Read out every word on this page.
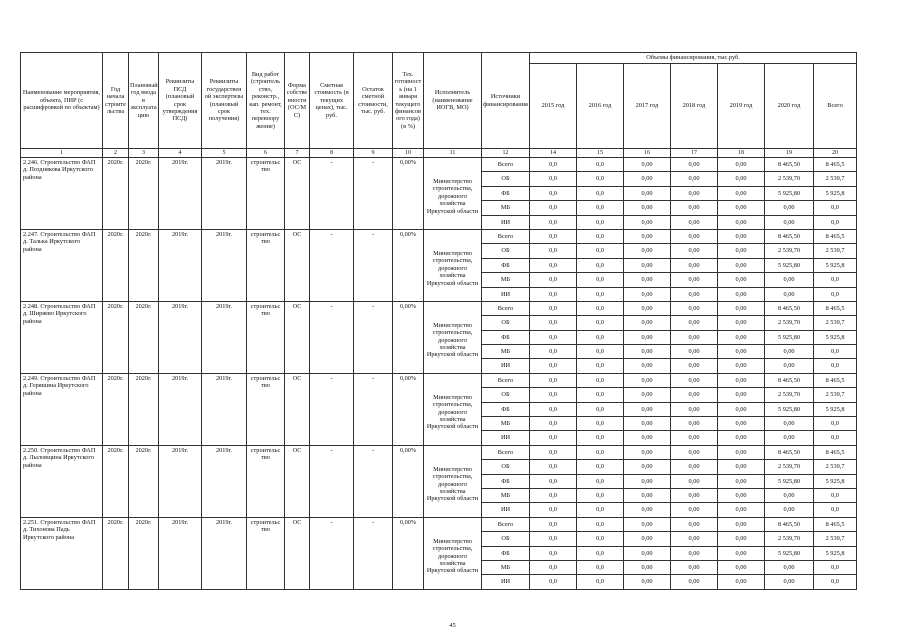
Наименование мероприятия, объекта, ПИР (с расшифровкой по объектам)	Год начала строите льства	Плановый год ввода в эксплуата цию	Реквизиты ПСД (плановый срок утверждения ПСД)	Реквизиты государствен ой экспертизы (плановый срок получения)	Вид работ (строитель ство, реконстр., кап. ремонт, тех. перевоору жение)	Форма собстве нности (ОС/М С)	Сметная стоимость (в текущих ценах), тыс. руб.	Остаток сметной стоимости, тыс. руб.	Тех. готовност ь (на 1 января текущего финансов ого года) (в %)	Исполнитель (наименование ИОГВ, МО)	Источники финансирования	Объемы финансирования, тыс.руб.						
												2015 год	2016 год	2017 год	2018 год	2019 год	2020 год	Всего
1	2	3	4	5	6	7	8	9	10	11	12	14	15	16	17	18	19	20
2.246. Строительство ФАП д. Позднякова Иркутского района	2020г.	2020г.	2019г.	2019г.	строительс тво	ОС	-	-	0,00%	Министерство строительства, дорожного хозяйства Иркутской области	Всего	0,0	0,0	0,00	0,00	0,00	8 465,50	8 465,5
											ОБ	0,0	0,0	0,00	0,00	0,00	2 539,70	2 539,7
											ФБ	0,0	0,0	0,00	0,00	0,00	5 925,80	5 925,8
											МБ	0,0	0,0	0,00	0,00	0,00	0,00	0,0
											ИИ	0,0	0,0	0,00	0,00	0,00	0,00	0,0
2.247. Строительство ФАП д. Талька Иркутского района	2020г.	2020г.	2019г.	2019г.	строительс тво	ОС	-	-	0,00%	Министерство строительства, дорожного хозяйства Иркутской области	Всего	0,0	0,0	0,00	0,00	0,00	8 465,50	8 465,5
											ОБ	0,0	0,0	0,00	0,00	0,00	2 539,70	2 539,7
											ФБ	0,0	0,0	0,00	0,00	0,00	5 925,80	5 925,8
											МБ	0,0	0,0	0,00	0,00	0,00	0,00	0,0
											ИИ	0,0	0,0	0,00	0,00	0,00	0,00	0,0
2.248. Строительство ФАП д. Ширяево Иркутского района	2020г.	2020г.	2019г.	2019г.	строительс тво	ОС	-	-	0,00%	Министерство строительства, дорожного хозяйства Иркутской области	Всего	0,0	0,0	0,00	0,00	0,00	8 465,50	8 465,5
											ОБ	0,0	0,0	0,00	0,00	0,00	2 539,70	2 539,7
											ФБ	0,0	0,0	0,00	0,00	0,00	5 925,80	5 925,8
											МБ	0,0	0,0	0,00	0,00	0,00	0,00	0,0
											ИИ	0,0	0,0	0,00	0,00	0,00	0,00	0,0
2.249. Строительство ФАП д. Горяшина Иркутского района	2020г.	2020г.	2019г.	2019г.	строительс тво	ОС	-	-	0,00%	Министерство строительства, дорожного хозяйства Иркутской области	Всего	0,0	0,0	0,00	0,00	0,00	8 465,50	8 465,5
											ОБ	0,0	0,0	0,00	0,00	0,00	2 539,70	2 539,7
											ФБ	0,0	0,0	0,00	0,00	0,00	5 925,80	5 925,8
											МБ	0,0	0,0	0,00	0,00	0,00	0,00	0,0
											ИИ	0,0	0,0	0,00	0,00	0,00	0,00	0,0
2.250. Строительство ФАП д. Лыловщина Иркутского района	2020г.	2020г.	2019г.	2019г.	строительс тво	ОС	-	-	0,00%	Министерство строительства, дорожного хозяйства Иркутской области	Всего	0,0	0,0	0,00	0,00	0,00	8 465,50	8 465,5
											ОБ	0,0	0,0	0,00	0,00	0,00	2 539,70	2 539,7
											ФБ	0,0	0,0	0,00	0,00	0,00	5 925,80	5 925,8
											МБ	0,0	0,0	0,00	0,00	0,00	0,00	0,0
											ИИ	0,0	0,0	0,00	0,00	0,00	0,00	0,0
2.251. Строительство ФАП д. Тихонова Падь Иркутского района	2020г.	2020г.	2019г.	2019г.	строительс тво	ОС	-	-	0,00%	Министерство строительства, дорожного хозяйства Иркутской области	Всего	0,0	0,0	0,00	0,00	0,00	8 465,50	8 465,5
											ОБ	0,0	0,0	0,00	0,00	0,00	2 539,70	2 539,7
											ФБ	0,0	0,0	0,00	0,00	0,00	5 925,80	5 925,8
											МБ	0,0	0,0	0,00	0,00	0,00	0,00	0,0
											ИИ	0,0	0,0	0,00	0,00	0,00	0,00	0,0
45
